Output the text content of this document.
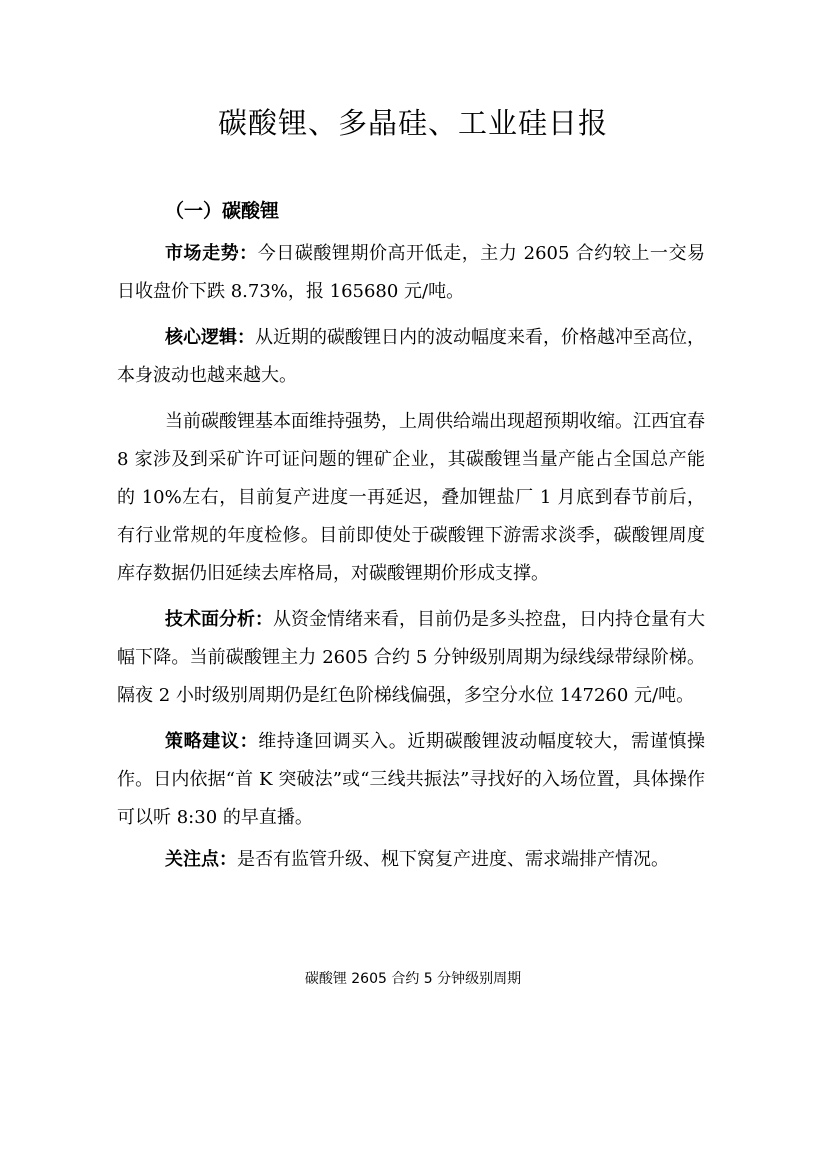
碳酸锂、多晶硅、工业硅日报
（一）碳酸锂

市场走势：今日碳酸锂期价高开低走，主力 2605 合约较上一交易日收盘价下跌 8.73%，报 165680 元/吨。

核心逻辑：从近期的碳酸锂日内的波动幅度来看，价格越冲至高位，本身波动也越来越大。

当前碳酸锂基本面维持强势，上周供给端出现超预期收缩。江西宜春 8 家涉及到采矿许可证问题的锂矿企业，其碳酸锂当量产能占全国总产能的 10%左右，目前复产进度一再延迟，叠加锂盐厂 1 月底到春节前后，有行业常规的年度检修。目前即使处于碳酸锂下游需求淡季，碳酸锂周度库存数据仍旧延续去库格局，对碳酸锂期价形成支撑。

技术面分析：从资金情绪来看，目前仍是多头控盘，日内持仓量有大幅下降。当前碳酸锂主力 2605 合约 5 分钟级别周期为绿线绿带绿阶梯。隔夜 2 小时级别周期仍是红色阶梯线偏强，多空分水位 147260 元/吨。

策略建议：维持逢回调买入。近期碳酸锂波动幅度较大，需谨慎操作。日内依据“首 K 突破法”或“三线共振法”寻找好的入场位置，具体操作可以听 8:30 的早直播。

关注点：是否有监管升级、枧下窝复产进度、需求端排产情况。

碳酸锂 2605 合约 5 分钟级别周期
